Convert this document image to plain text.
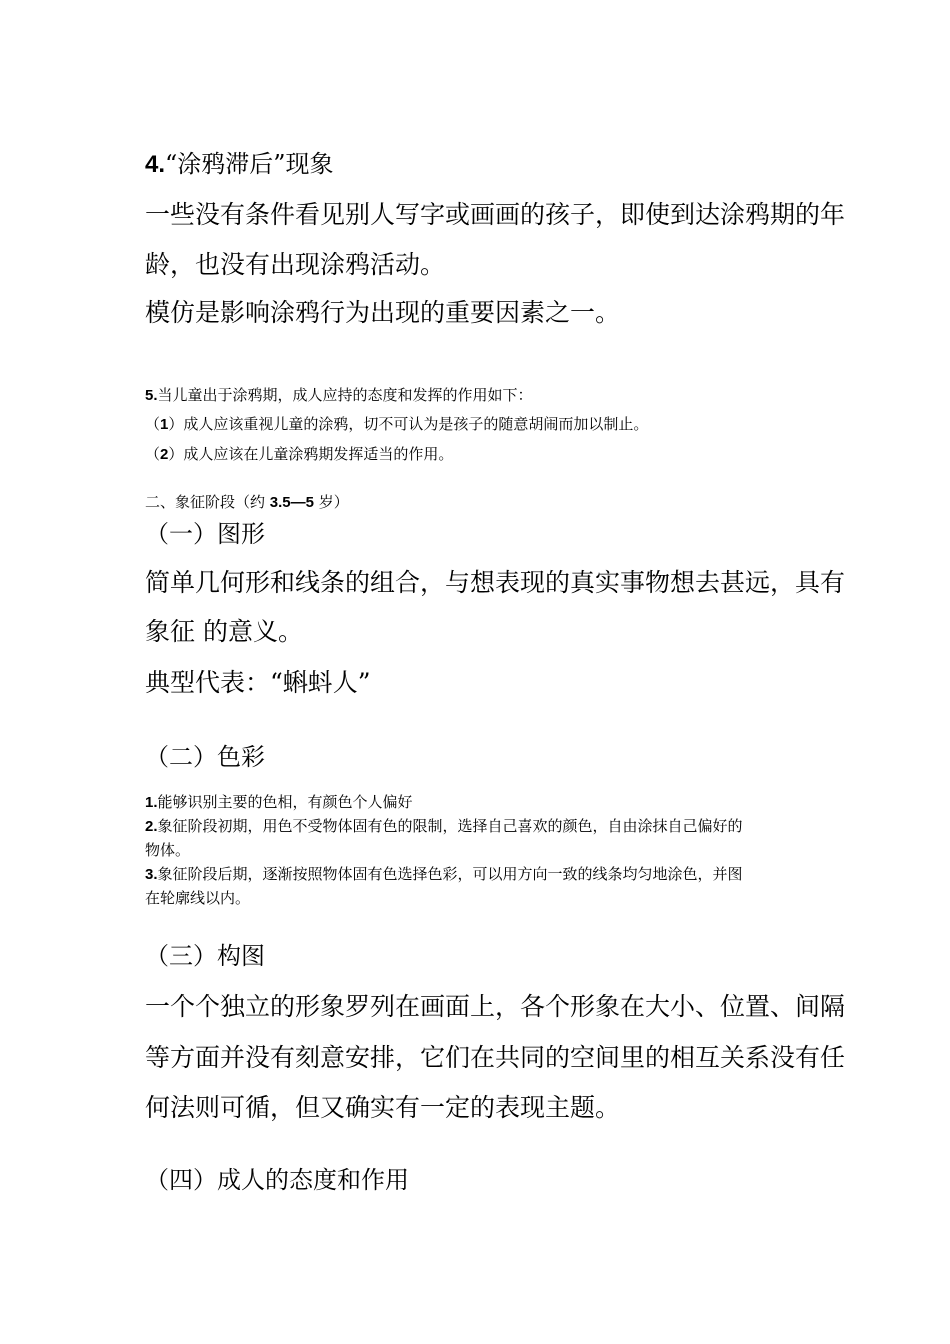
4.“涂鸦滞后”现象

一些没有条件看见别人写字或画画的孩子，即使到达涂鸦期的年

龄，也没有出现涂鸦活动。

模仿是影响涂鸦行为出现的重要因素之一。

5.当儿童出于涂鸦期，成人应持的态度和发挥的作用如下：

（1）成人应该重视儿童的涂鸦，切不可认为是孩子的随意胡闹而加以制止。

（2）成人应该在儿童涂鸦期发挥适当的作用。

二、象征阶段（约 3.5—5 岁）

（一）图形

简单几何形和线条的组合，与想表现的真实事物想去甚远，具有

象征 的意义。

典型代表：“蝌蚪人”

（二）色彩

1.能够识别主要的色相，有颜色个人偏好

2.象征阶段初期，用色不受物体固有色的限制，选择自己喜欢的颜色，自由涂抹自己偏好的

物体。

3.象征阶段后期，逐渐按照物体固有色选择色彩，可以用方向一致的线条均匀地涂色，并图

在轮廓线以内。

（三）构图

一个个独立的形象罗列在画面上，各个形象在大小、位置、间隔

等方面并没有刻意安排，它们在共同的空间里的相互关系没有任

何法则可循，但又确实有一定的表现主题。

（四）成人的态度和作用
